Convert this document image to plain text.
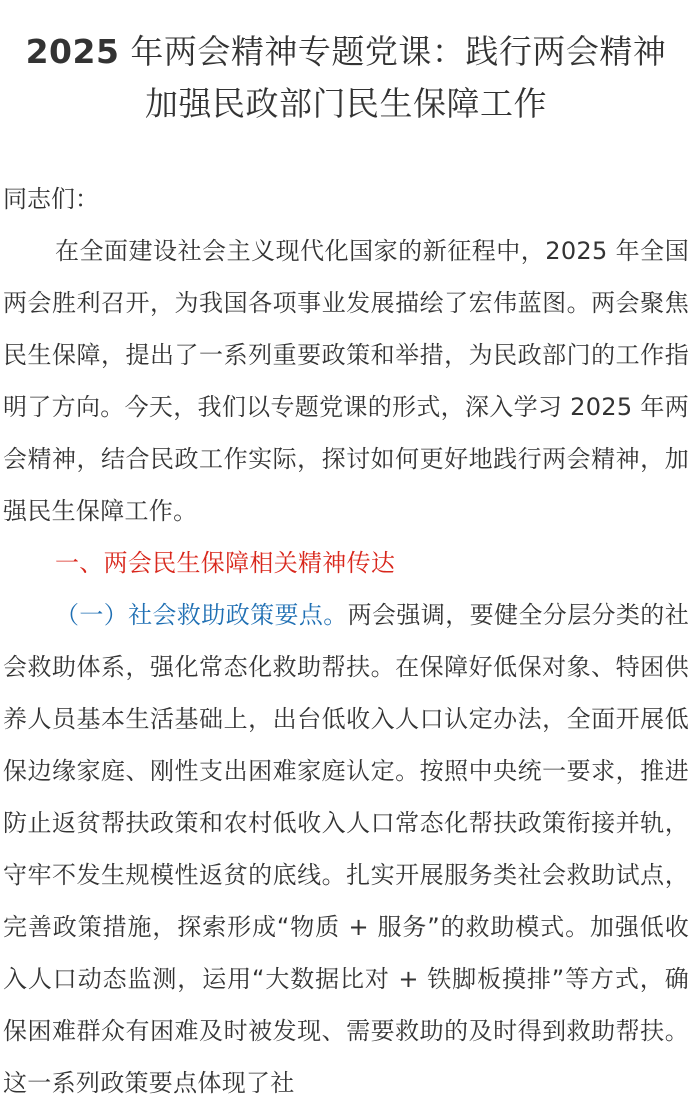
2025 年两会精神专题党课：践行两会精神
加强民政部门民生保障工作

同志们：

在全面建设社会主义现代化国家的新征程中，2025 年全国两会胜利召开，为我国各项事业发展描绘了宏伟蓝图。两会聚焦民生保障，提出了一系列重要政策和举措，为民政部门的工作指明了方向。今天，我们以专题党课的形式，深入学习 2025 年两会精神，结合民政工作实际，探讨如何更好地践行两会精神，加强民生保障工作。

一、两会民生保障相关精神传达

（一）社会救助政策要点。两会强调，要健全分层分类的社会救助体系，强化常态化救助帮扶。在保障好低保对象、特困供养人员基本生活基础上，出台低收入人口认定办法，全面开展低保边缘家庭、刚性支出困难家庭认定。按照中央统一要求，推进防止返贫帮扶政策和农村低收入人口常态化帮扶政策衔接并轨，守牢不发生规模性返贫的底线。扎实开展服务类社会救助试点，完善政策措施，探索形成“物质 + 服务”的救助模式。加强低收入人口动态监测，运用“大数据比对 + 铁脚板摸排”等方式，确保困难群众有困难及时被发现、需要救助的及时得到救助帮扶。这一系列政策要点体现了社
